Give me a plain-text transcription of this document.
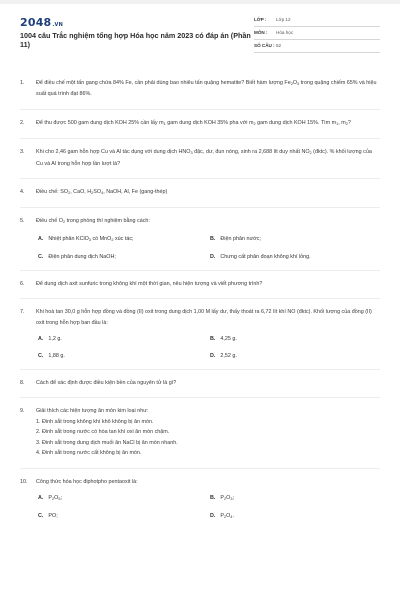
2048.VN
1004 câu Trắc nghiệm tổng hợp Hóa học năm 2023 có đáp án (Phần 11)
LỚP : Lớp 12
MÔN : Hóa học
SỐ CÂU : 52
1. Để điều chế một tấn gang chứa 84% Fe, cần phải dùng bao nhiêu tấn quặng hematite? Biết hàm lượng $Fe_2O_3$ trong quặng chiếm 65% và hiệu suất quá trình đạt 86%.
2. Để thu được 500 gam dung dịch KOH 25% cần lấy $m_1$ gam dung dịch KOH 35% pha với $m_2$ gam dung dịch KOH 15%. Tìm $m_1$, $m_2$?
3. Khi cho 2,46 gam hỗn hợp Cu và Al tác dụng với dung dịch $HNO_3$ đặc, dư, đun nóng, sinh ra 2,688 lít duy nhất $NO_2$ (đktc). % khối lượng của Cu và Al trong hỗn hợp lần lượt là?
4. Điều chế: $SO_2$, CaO, $H_2SO_4$, NaOH, Al, Fe (gang-thép)
5. Điều chế $O_2$ trong phòng thí nghiệm bằng cách:
A. Nhiệt phân KClO$_3$ có MnO$_2$ xúc tác;	B. Điện phân nước;
C. Điện phân dung dịch NaOH;	D. Chưng cất phân đoạn không khí lỏng.
6. Để dung dịch axit sunfuric trong không khí một thời gian, nêu hiện tượng và viết phương trình?
7. Khi hoà tan 30,0 g hỗn hợp đồng và đồng (II) oxit trong dung dịch 1,00 M lấy dư, thấy thoát ra 6,72 lít khí NO (đktc). Khối lượng của đồng (II) oxit trong hỗn hợp ban đầu là:
A. 1,2 g.	B. 4,25 g.
C. 1,88 g.	D. 2,52 g.
8. Cách để xác định được điều kiện bền của nguyên tử là gì?
9. Giải thích các hiện tượng ăn mòn kim loại như:
1. Đinh sắt trong không khí khô không bị ăn mòn.
2. Đinh sắt trong nước có hòa tan khí oxi ăn mòn chậm.
3. Đinh sắt trong dung dịch muối ăn NaCl bị ăn mòn nhanh.
4. Đinh sắt trong nước cất không bị ăn mòn.
10. Công thức hóa học điphotpho pentaoxit là:
A. $P_2O_5$;	B. $P_2O_3$;
C. PO;	D. $P_2O_4$.
